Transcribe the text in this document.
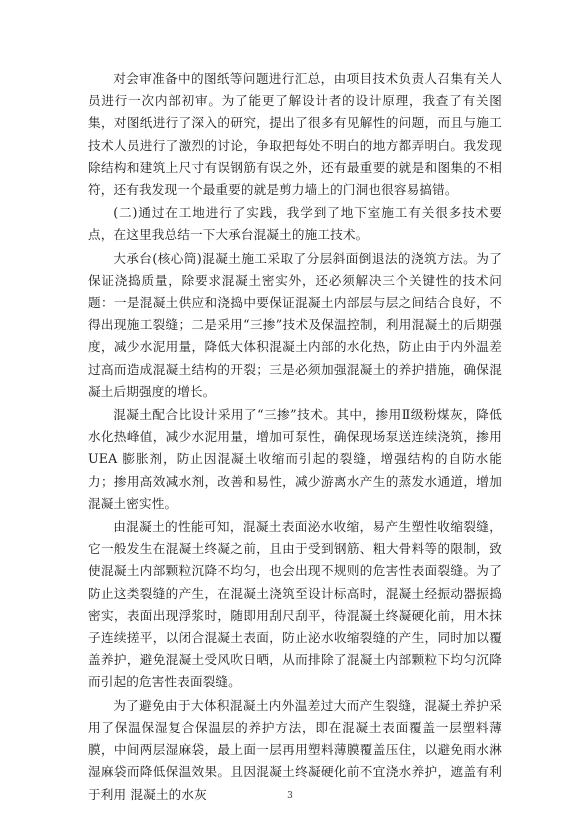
对会审准备中的图纸等问题进行汇总，由项目技术负责人召集有关人员进行一次内部初审。为了能更了解设计者的设计原理，我查了有关图集，对图纸进行了深入的研究，提出了很多有见解性的问题，而且与施工技术人员进行了激烈的讨论，争取把每处不明白的地方都弄明白。我发现除结构和建筑上尺寸有误钢筋有误之外，还有最重要的就是和图集的不相符，还有我发现一个最重要的就是剪力墙上的门洞也很容易搞错。

(二)通过在工地进行了实践，我学到了地下室施工有关很多技术要点，在这里我总结一下大承台混凝土的施工技术。

大承台(核心筒)混凝土施工采取了分层斜面倒退法的浇筑方法。为了保证浇捣质量，除要求混凝土密实外，还必须解决三个关键性的技术问题：一是混凝土供应和浇捣中要保证混凝土内部层与层之间结合良好，不得出现施工裂缝；二是采用“三掺”技术及保温控制，利用混凝土的后期强度，减少水泥用量，降低大体积混凝土内部的水化热，防止由于内外温差过高而造成混凝土结构的开裂；三是必须加强混凝土的养护措施，确保混凝土后期强度的增长。

混凝土配合比设计采用了“三掺”技术。其中，掺用Ⅱ级粉煤灰，降低水化热峰值，减少水泥用量，增加可泵性，确保现场泵送连续浇筑，掺用 UEA 膨胀剂，防止因混凝土收缩而引起的裂缝，增强结构的自防水能力；掺用高效减水剂，改善和易性，减少游离水产生的蒸发水通道，增加混凝土密实性。

由混凝土的性能可知，混凝土表面泌水收缩，易产生塑性收缩裂缝，它一般发生在混凝土终凝之前，且由于受到钢筋、粗大骨料等的限制，致使混凝土内部颗粒沉降不均匀，也会出现不规则的危害性表面裂缝。为了防止这类裂缝的产生，在混凝土浇筑至设计标高时，混凝土经振动器振捣密实，表面出现浮浆时，随即用刮尺刮平，待混凝土终凝硬化前，用木抹子连续搓平，以闭合混凝土表面，防止泌水收缩裂缝的产生，同时加以覆盖养护，避免混凝土受风吹日晒，从而排除了混凝土内部颗粒下均匀沉降而引起的危害性表面裂缝。

为了避免由于大体积混凝土内外温差过大而产生裂缝，混凝土养护采用了保温保湿复合保温层的养护方法，即在混凝土表面覆盖一层塑料薄膜，中间两层湿麻袋，最上面一层再用塑料薄膜覆盖压住，以避免雨水淋湿麻袋而降低保温效果。且因混凝土终凝硬化前不宜浇水养护，遮盖有利于利用 混凝土的水灰	3
